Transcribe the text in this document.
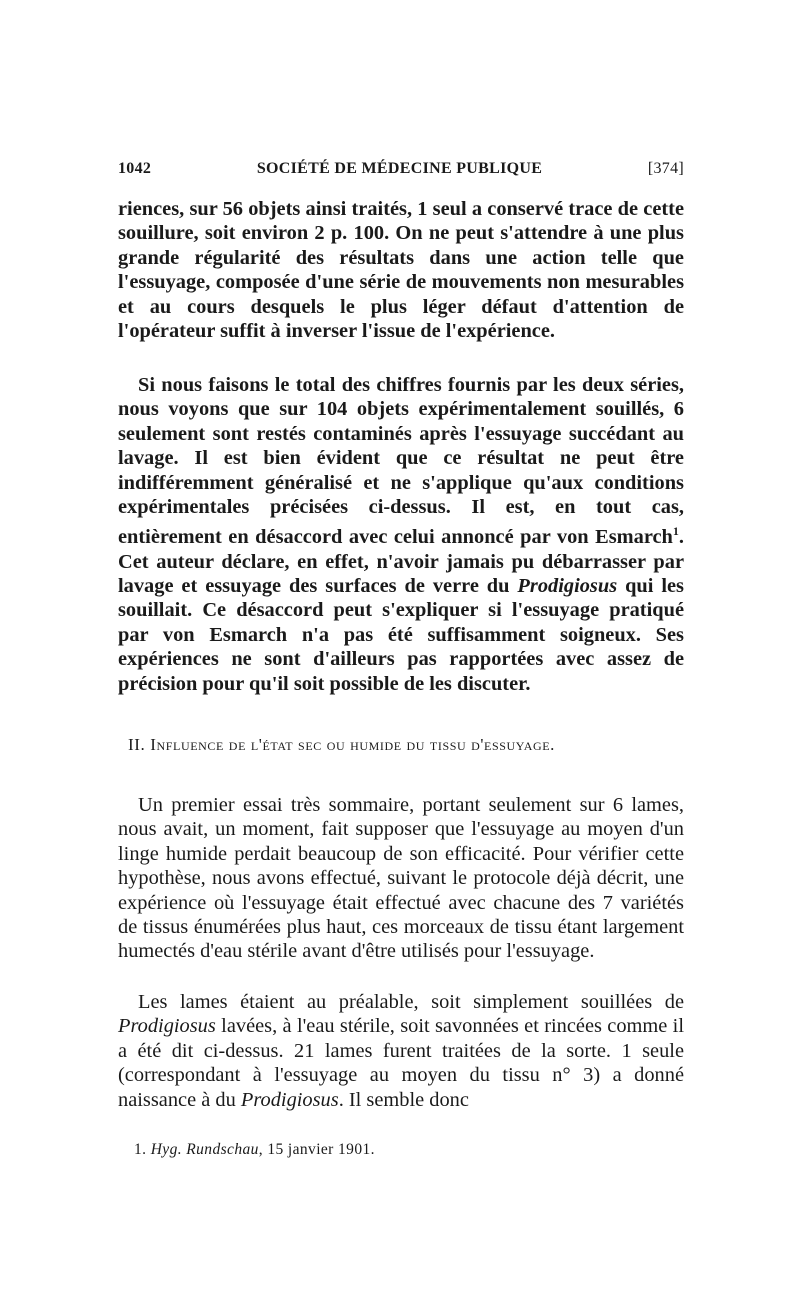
1042	SOCIÉTÉ DE MÉDECINE PUBLIQUE	[374]

riences, sur 56 objets ainsi traités, 1 seul a conservé trace de cette souillure, soit environ 2 p. 100. On ne peut s'attendre à une plus grande régularité des résultats dans une action telle que l'essuyage, composée d'une série de mouvements non mesurables et au cours desquels le plus léger défaut d'attention de l'opérateur suffit à inverser l'issue de l'expérience.

Si nous faisons le total des chiffres fournis par les deux séries, nous voyons que sur 104 objets expérimentalement souillés, 6 seulement sont restés contaminés après l'essuyage succédant au lavage. Il est bien évident que ce résultat ne peut être indifféremment généralisé et ne s'applique qu'aux conditions expérimentales précisées ci-dessus. Il est, en tout cas, entièrement en désaccord avec celui annoncé par von Esmarch$^1$. Cet auteur déclare, en effet, n'avoir jamais pu débarrasser par lavage et essuyage des surfaces de verre du Prodigiosus qui les souillait. Ce désaccord peut s'expliquer si l'essuyage pratiqué par von Esmarch n'a pas été suffisamment soigneux. Ses expériences ne sont d'ailleurs pas rapportées avec assez de précision pour qu'il soit possible de les discuter.

II. Influence de l'état sec ou humide du tissu d'essuyage.

Un premier essai très sommaire, portant seulement sur 6 lames, nous avait, un moment, fait supposer que l'essuyage au moyen d'un linge humide perdait beaucoup de son efficacité. Pour vérifier cette hypothèse, nous avons effectué, suivant le protocole déjà décrit, une expérience où l'essuyage était effectué avec chacune des 7 variétés de tissus énumérées plus haut, ces morceaux de tissu étant largement humectés d'eau stérile avant d'être utilisés pour l'essuyage.

Les lames étaient au préalable, soit simplement souillées de Prodigiosus lavées, à l'eau stérile, soit savonnées et rincées comme il a été dit ci-dessus. 21 lames furent traitées de la sorte. 1 seule (correspondant à l'essuyage au moyen du tissu n° 3) a donné naissance à du Prodigiosus. Il semble donc

1. Hyg. Rundschau, 15 janvier 1901.
